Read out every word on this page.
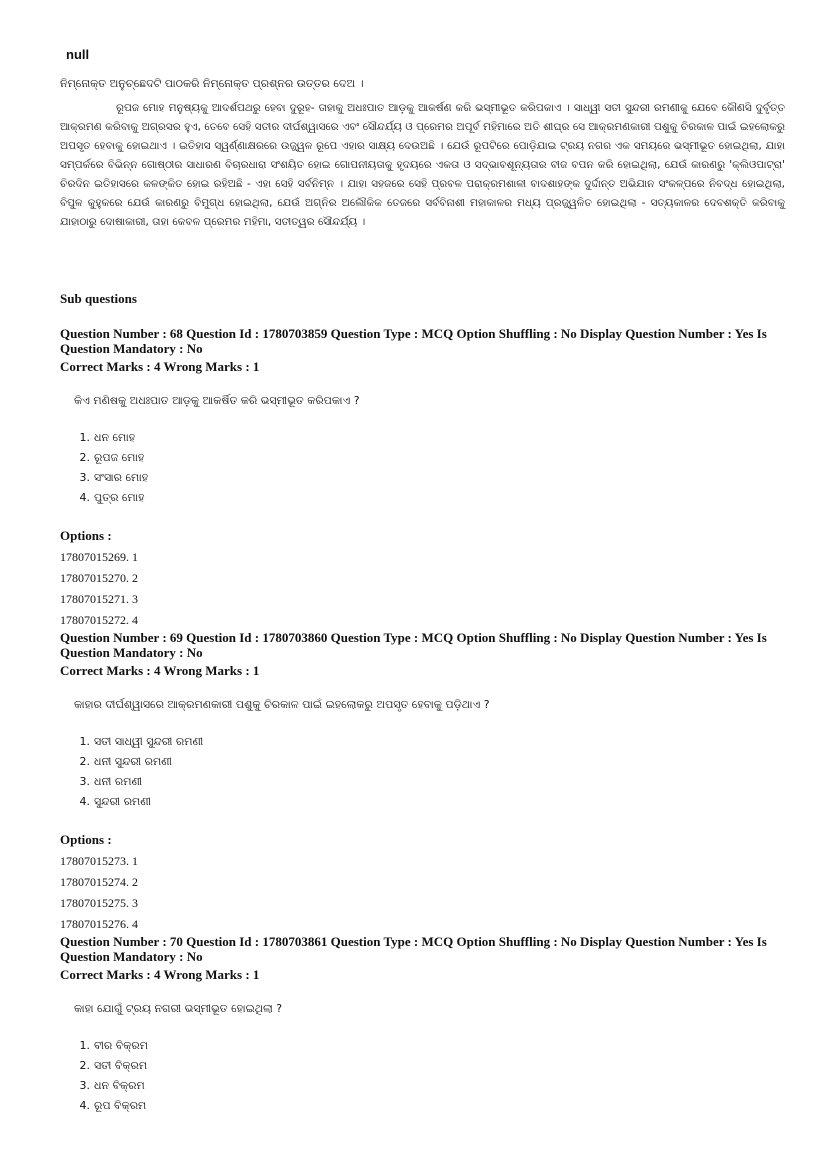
null
ନିମ୍ନୋକ୍ତ ଅନୁଚ୍ଛେଦଟି ପାଠକରି ନିମ୍ନୋକ୍ତ ପ୍ରଶ୍ନର ଉତ୍ତର ଦେଅ ।

ରୂପଜ ମୋହ ମନୁଷ୍ୟକୁ ଆଦର୍ଶପଥରୁ ହେବା ଦୁରୂହ- ତାହାକୁ ଅଧଃପାତ ଆଡ଼କୁ ଆକର୍ଷଣ କରି ଭସ୍ମୀଭୂତ କରିପକାଏ । ସାଧ୍ୱୀ ସତୀ ସୁନ୍ଦରୀ ରମଣୀକୁ ଯେବେ କୌଣସି ଦୁର୍ବୃତ୍ତ ଆକ୍ରମଣ କରିବାକୁ ଅଗ୍ରସର ହୁଏ, ତେବେ ସେହି ସତୀର ଦୀର୍ଘଶ୍ୱାସରେ ଏବଂ ସୌନ୍ଦର୍ଯ୍ୟ ଓ ପ୍ରେମର ଅପୂର୍ବ ମହିମାରେ ଅତି ଶୀଘ୍ର ସେ ଆକ୍ରମଣକାରୀ ପଶୁକୁ ଚିରକାଳ ପାଇଁ ଇହଲୋକରୁ ଅପସୃତ ହେବାକୁ ହୋଇଥାଏ । ଇତିହାସ ସ୍ୱର୍ଣ୍ଣାକ୍ଷରରେ ଉଜ୍ଜ୍ୱଳ ରୂପେ ଏହାର ସାକ୍ଷ୍ୟ ଦେଉଅଛି । ଯେଉଁ ରୂପଟିରେ ପୋଡ଼ିଯାଇ ଟ୍ରୟ ନଗର ଏକ ସମୟରେ ଭସ୍ମୀଭୂତ ହୋଇଥିଲା, ଯାହା ସମ୍ପର୍କରେ ବିଭିନ୍ନ ଗୋଷ୍ଠୀର ସାଧାରଣ ବିଚାରଧାରା ସଂଶୟିତ ହୋଇ ଗୋପନୀୟତାକୁ ହୃଦୟରେ ଏକତା ଓ ସଦ୍ଭାବଶୂନ୍ୟତାର ବୀଜ ବପନ କରି ହୋଇଥିଲା, ଯେଉଁ କାରଣରୁ 'କ୍ଲିଓପାଟ୍ରା' ଚିରଦିନ ଇତିହାସରେ କଳଙ୍କିତ ହୋଇ ରହିଅଛି - ଏହା ସେହି ସର୍ବନିମ୍ନ । ଯାହା ସହଜରେ ସେହି ପ୍ରବଳ ପରାକ୍ରମଶାଳୀ ବାଦଶାହଙ୍କ ଦୁର୍ଦ୍ଦାନ୍ତ ଅଭିଯାନ ସଂକଳ୍ପରେ ନିବଦ୍ଧ ହୋଇଥିଲା, ବିପୁଳ କୁହୁକରେ ଯେଉଁ କାରଣରୁ ବିମୁଗ୍ଧ ହୋଇଥିଲା, ଯେଉଁ ଅଗ୍ନିର ଅଲୌକିକ ତେଜରେ ସର୍ବବିନାଶୀ ମହାକାଳର ମଧ୍ୟ ପ୍ରଜ୍ଜ୍ୱଳିତ ହୋଇଥିଲା - ସତ୍ୟକାଳର ଦେବଶକ୍ତି କରିବାକୁ ଯାହାଠାରୁ ଦୋଷାକାରୀ, ତାହା କେବଳ ପ୍ରେମର ମହିମା, ସତୀତ୍ୱର ସୌନ୍ଦର୍ଯ୍ୟ ।

Sub questions

Question Number : 68 Question Id : 1780703859 Question Type : MCQ Option Shuffling : No Display Question Number : Yes Is Question Mandatory : No

Correct Marks : 4 Wrong Marks : 1

କିଏ ମଣିଷକୁ ଅଧଃପାତ ଆଡ଼କୁ ଆକର୍ଷିତ କରି ଭସ୍ମୀଭୂତ କରିପକାଏ ?
1. ଧନ ମୋହ
2. ରୂପଜ ମୋହ
3. ସଂସାର ମୋହ
4. ପୁତ୍ର ମୋହ

Options :

17807015269. 1
17807015270. 2
17807015271. 3
17807015272. 4

Question Number : 69 Question Id : 1780703860 Question Type : MCQ Option Shuffling : No Display Question Number : Yes Is Question Mandatory : No

Correct Marks : 4 Wrong Marks : 1

କାହାର ଦୀର୍ଘଶ୍ୱାସରେ ଆକ୍ରମଣକାରୀ ପଶୁକୁ ଚିରକାଳ ପାଇଁ ଇହଲୋକରୁ ଅପସୃତ ହେବାକୁ ପଡ଼ିଥାଏ ?
1. ସତୀ ସାଧ୍ୱୀ ସୁନ୍ଦରୀ ରମଣୀ
2. ଧନୀ ସୁନ୍ଦରୀ ରମଣୀ
3. ଧନୀ ରମଣୀ
4. ସୁନ୍ଦରୀ ରମଣୀ

Options :

17807015273. 1
17807015274. 2
17807015275. 3
17807015276. 4

Question Number : 70 Question Id : 1780703861 Question Type : MCQ Option Shuffling : No Display Question Number : Yes Is Question Mandatory : No

Correct Marks : 4 Wrong Marks : 1

କାହା ଯୋଗୁଁ ଟ୍ରୟ ନଗରୀ ଭସ୍ମୀଭୂତ ହୋଇଥିଲା ?
1. ବୀର ବିକ୍ରମ
2. ସତୀ ବିକ୍ରମ
3. ଧନ ବିକ୍ରମ
4. ରୂପ ବିକ୍ରମ
